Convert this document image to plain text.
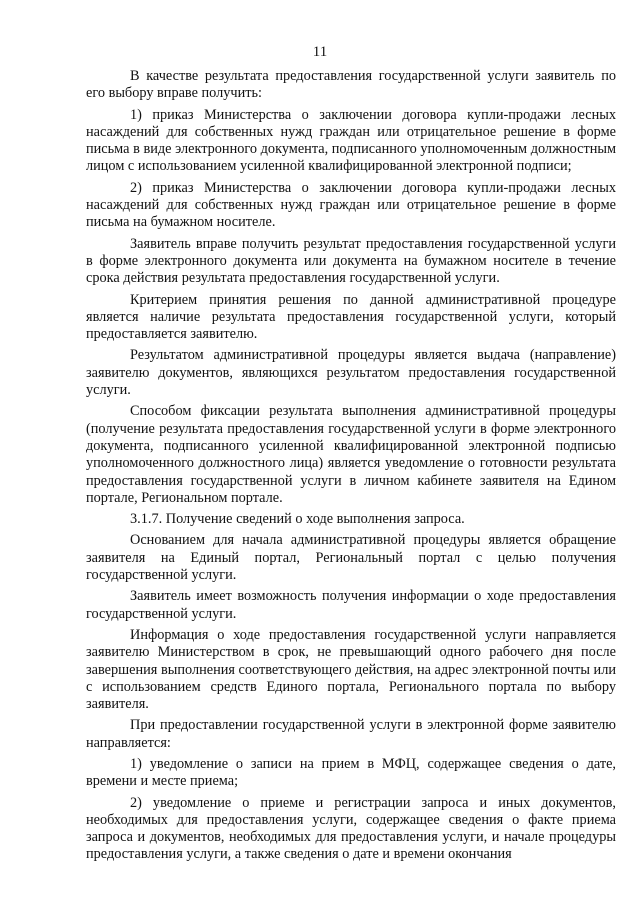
11

В качестве результата предоставления государственной услуги заявитель по его выбору вправе получить:

1) приказ Министерства о заключении договора купли-продажи лесных насаждений для собственных нужд граждан или отрицательное решение в форме письма в виде электронного документа, подписанного уполномоченным должностным лицом с использованием усиленной квалифицированной электронной подписи;

2) приказ Министерства о заключении договора купли-продажи лесных насаждений для собственных нужд граждан или отрицательное решение в форме письма на бумажном носителе.

Заявитель вправе получить результат предоставления государственной услуги в форме электронного документа или документа на бумажном носителе в течение срока действия результата предоставления государственной услуги.

Критерием принятия решения по данной административной процедуре является наличие результата предоставления государственной услуги, который предоставляется заявителю.

Результатом административной процедуры является выдача (направление) заявителю документов, являющихся результатом предоставления государственной услуги.

Способом фиксации результата выполнения административной процедуры (получение результата предоставления государственной услуги в форме электронного документа, подписанного усиленной квалифицированной электронной подписью уполномоченного должностного лица) является уведомление о готовности результата предоставления государственной услуги в личном кабинете заявителя на Едином портале, Региональном портале.

3.1.7. Получение сведений о ходе выполнения запроса.

Основанием для начала административной процедуры является обращение заявителя на Единый портал, Региональный портал с целью получения государственной услуги.

Заявитель имеет возможность получения информации о ходе предоставления государственной услуги.

Информация о ходе предоставления государственной услуги направляется заявителю Министерством в срок, не превышающий одного рабочего дня после завершения выполнения соответствующего действия, на адрес электронной почты или с использованием средств Единого портала, Регионального портала по выбору заявителя.

При предоставлении государственной услуги в электронной форме заявителю направляется:

1) уведомление о записи на прием в МФЦ, содержащее сведения о дате, времени и месте приема;

2) уведомление о приеме и регистрации запроса и иных документов, необходимых для предоставления услуги, содержащее сведения о факте приема запроса и документов, необходимых для предоставления услуги, и начале процедуры предоставления услуги, а также сведения о дате и времени окончания
